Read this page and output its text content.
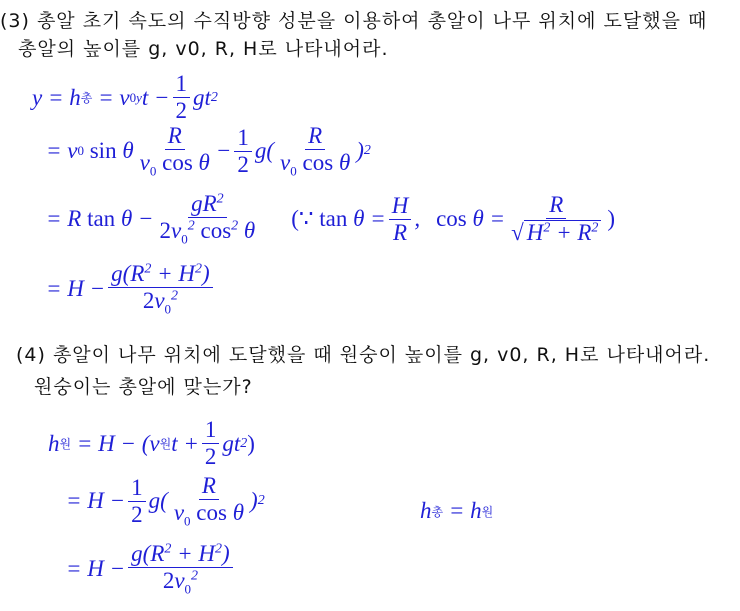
(3) 총알 초기 속도의 수직방향 성분을 이용하여 총알이 나무 위치에 도달했을 때
총알의 높이를 g, v0, R, H로 나타내어라.
y = h 총 = v 0y $t - \frac{1}{2}$ gt 2
= v 0
sin θ $\frac{R}{v_0 \cos \theta} - \frac{1}{2} g( \frac{R}{v_0 \cos \theta}$ ) 2
= R $\tan \theta - \frac{gR^2}{2v_0^2 \cos^2 \theta}$ (∵
$\tan \theta = \frac{H}{R}$ , $\cos \theta = \frac{R}{√ H^2 + R^2}$ )
= $H - \frac{g(R^2 + H^2)}{2v_0^2}$
(4) 총알이 나무 위치에 도달했을 때 원숭이 높이를 g, v0, R, H로 나타내어라.
원숭이는 총알에 맞는가?
h 원 = H − (v 원 $t + \frac{1}{2}$ gt 2 )
= $H - \frac{1}{2} g( \frac{R}{v_0 \cos \theta}$ ) 2	h 총 = h 원
= $H - \frac{g(R^2 + H^2)}{2v_0^2}$
